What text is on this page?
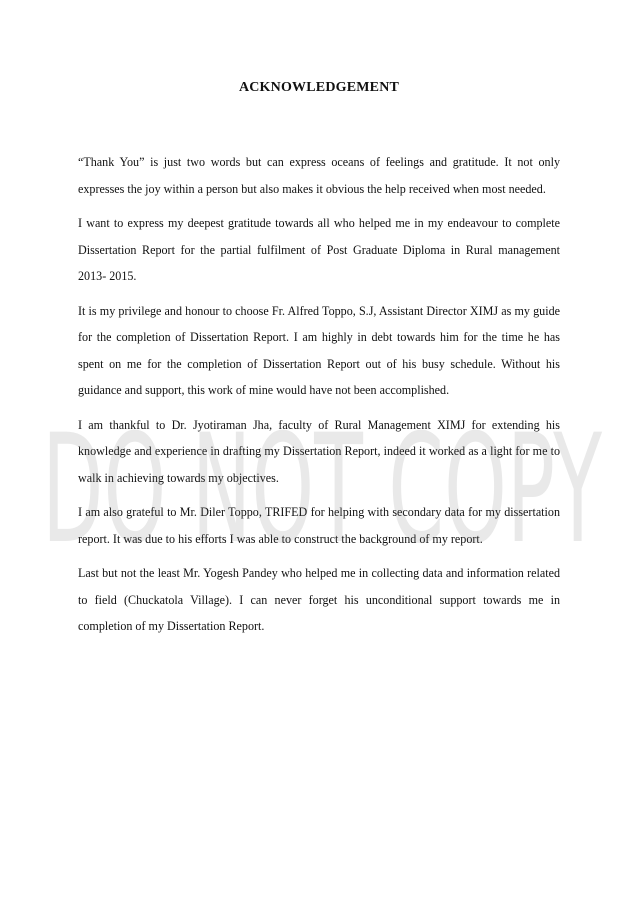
ACKNOWLEDGEMENT

“Thank You” is just two words but can express oceans of feelings and gratitude. It not only expresses the joy within a person but also makes it obvious the help received when most needed.

I want to express my deepest gratitude towards all who helped me in my endeavour to complete Dissertation Report for the partial fulfilment of Post Graduate Diploma in Rural management 2013- 2015.

It is my privilege and honour to choose Fr. Alfred Toppo, S.J, Assistant Director XIMJ as my guide for the completion of Dissertation Report. I am highly in debt towards him for the time he has spent on me for the completion of Dissertation Report out of his busy schedule. Without his guidance and support, this work of mine would have not been accomplished.

I am thankful to Dr. Jyotiraman Jha, faculty of Rural Management XIMJ for extending his knowledge and experience in drafting my Dissertation Report, indeed it worked as a light for me to walk in achieving towards my objectives.

I am also grateful to Mr. Diler Toppo, TRIFED for helping with secondary data for my dissertation report. It was due to his efforts I was able to construct the background of my report.

Last but not the least Mr. Yogesh Pandey who helped me in collecting data and information related to field (Chuckatola Village). I can never forget his unconditional support towards me in completion of my Dissertation Report.

DO NOT COPY
